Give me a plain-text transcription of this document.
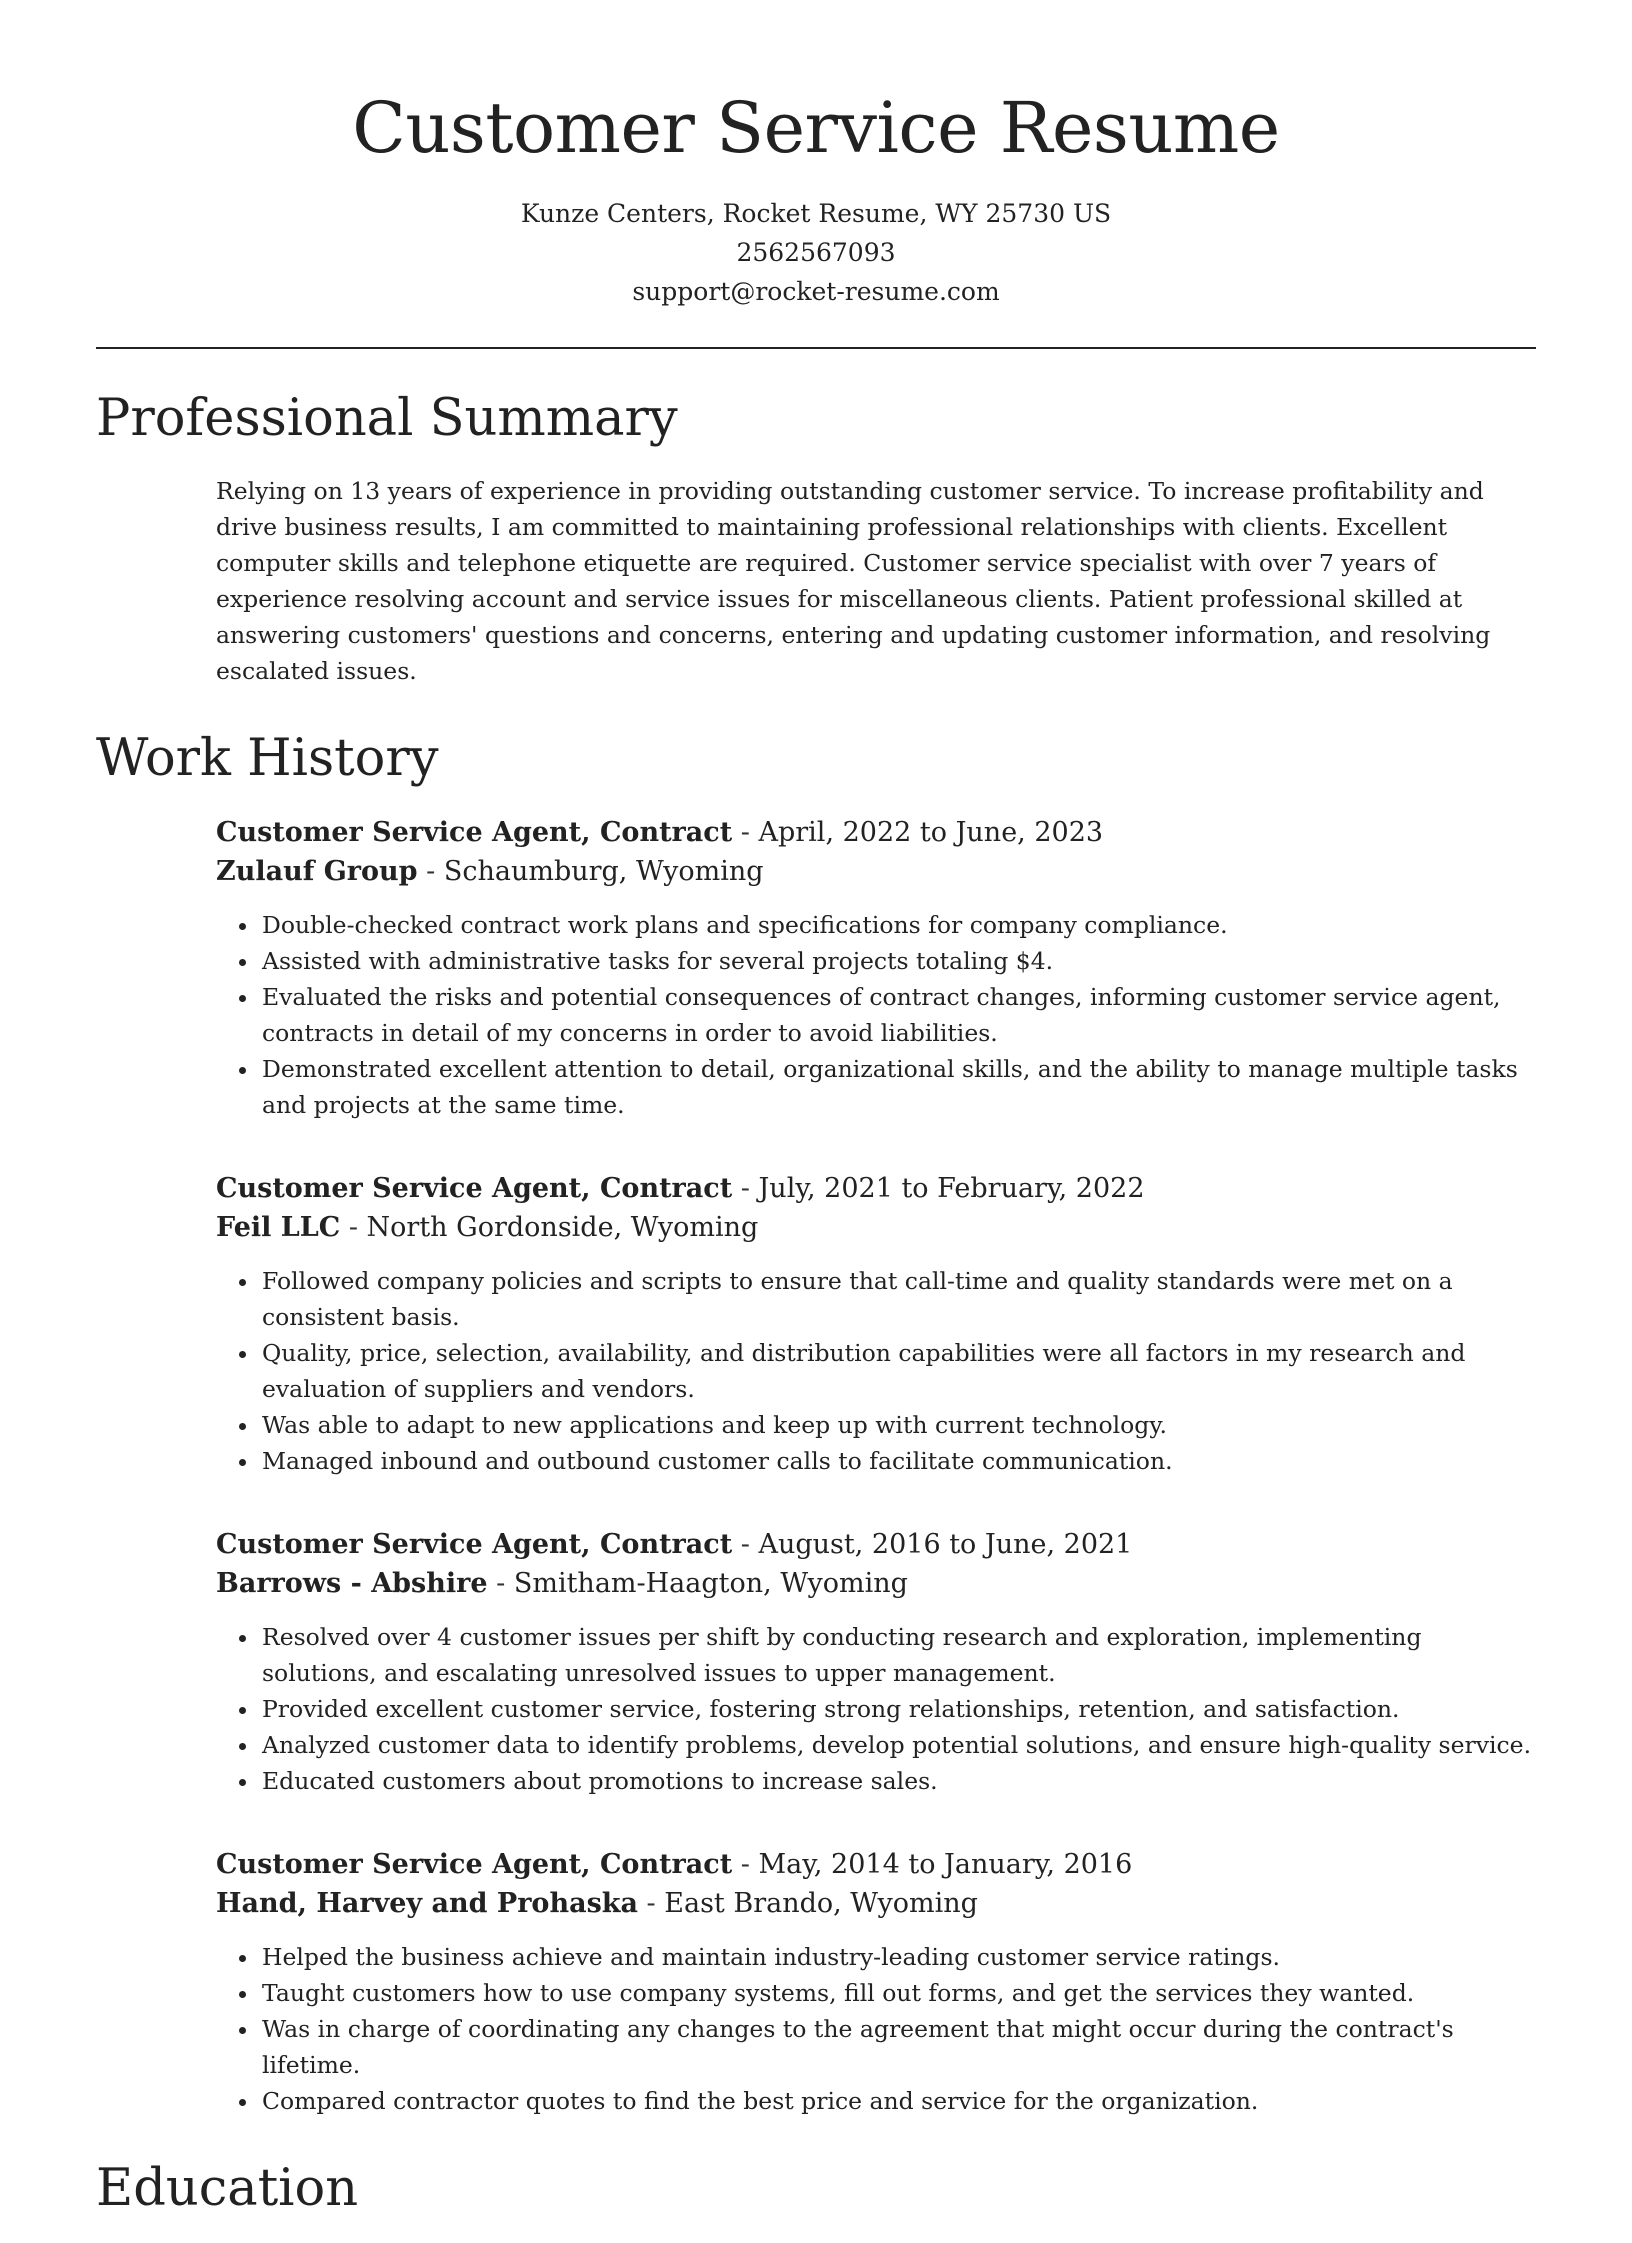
Customer Service Resume
Kunze Centers, Rocket Resume, WY 25730 US
2562567093
support@rocket-resume.com
Professional Summary
Relying on 13 years of experience in providing outstanding customer service. To increase profitability and drive business results, I am committed to maintaining professional relationships with clients. Excellent computer skills and telephone etiquette are required. Customer service specialist with over 7 years of experience resolving account and service issues for miscellaneous clients. Patient professional skilled at answering customers' questions and concerns, entering and updating customer information, and resolving escalated issues.
Work History
Customer Service Agent, Contract - April, 2022 to June, 2023
Zulauf Group - Schaumburg, Wyoming
• Double-checked contract work plans and specifications for company compliance.
• Assisted with administrative tasks for several projects totaling $4.
• Evaluated the risks and potential consequences of contract changes, informing customer service agent, contracts in detail of my concerns in order to avoid liabilities.
• Demonstrated excellent attention to detail, organizational skills, and the ability to manage multiple tasks and projects at the same time.
Customer Service Agent, Contract - July, 2021 to February, 2022
Feil LLC - North Gordonside, Wyoming
• Followed company policies and scripts to ensure that call-time and quality standards were met on a consistent basis.
• Quality, price, selection, availability, and distribution capabilities were all factors in my research and evaluation of suppliers and vendors.
• Was able to adapt to new applications and keep up with current technology.
• Managed inbound and outbound customer calls to facilitate communication.
Customer Service Agent, Contract - August, 2016 to June, 2021
Barrows - Abshire - Smitham-Haagton, Wyoming
• Resolved over 4 customer issues per shift by conducting research and exploration, implementing solutions, and escalating unresolved issues to upper management.
• Provided excellent customer service, fostering strong relationships, retention, and satisfaction.
• Analyzed customer data to identify problems, develop potential solutions, and ensure high-quality service.
• Educated customers about promotions to increase sales.
Customer Service Agent, Contract - May, 2014 to January, 2016
Hand, Harvey and Prohaska - East Brando, Wyoming
• Helped the business achieve and maintain industry-leading customer service ratings.
• Taught customers how to use company systems, fill out forms, and get the services they wanted.
• Was in charge of coordinating any changes to the agreement that might occur during the contract's lifetime.
• Compared contractor quotes to find the best price and service for the organization.
Education
